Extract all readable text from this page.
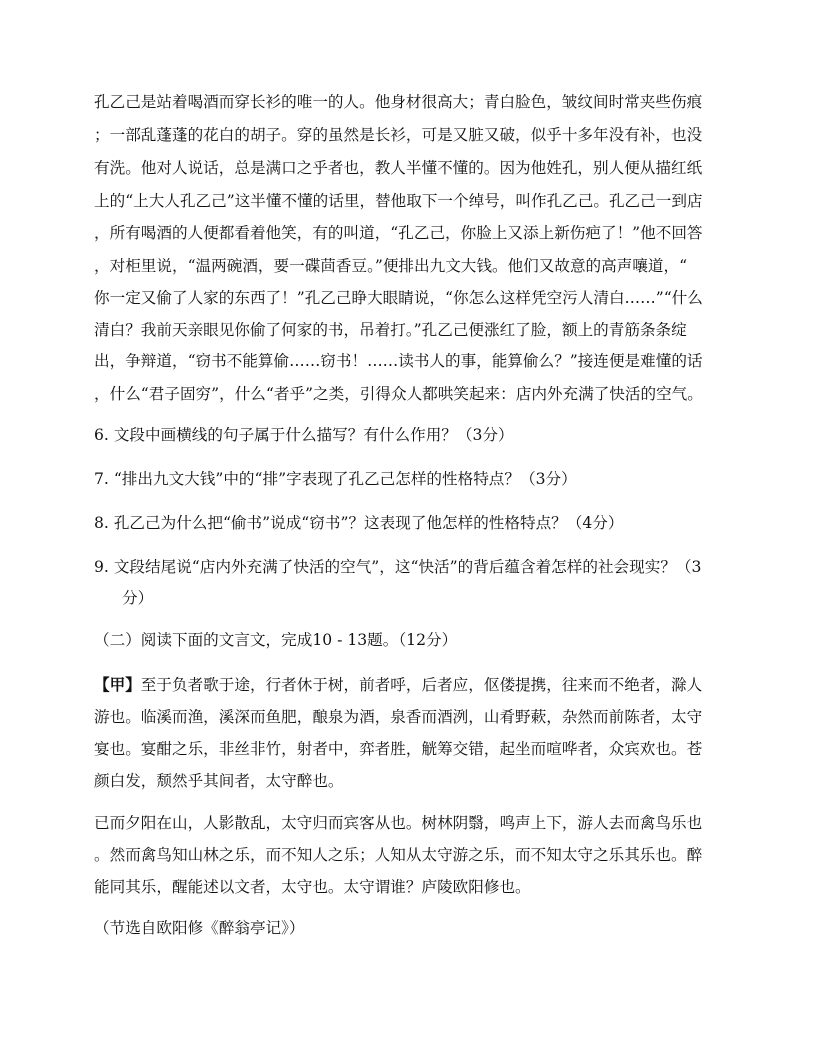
孔乙己是站着喝酒而穿长衫的唯一的人。他身材很高大；青白脸色，皱纹间时常夹些伤痕
；一部乱蓬蓬的花白的胡子。穿的虽然是长衫，可是又脏又破，似乎十多年没有补，也没
有洗。他对人说话，总是满口之乎者也，教人半懂不懂的。因为他姓孔，别人便从描红纸
上的“上大人孔乙己”这半懂不懂的话里，替他取下一个绰号，叫作孔乙己。孔乙己一到店
，所有喝酒的人便都看着他笑，有的叫道，“孔乙己，你脸上又添上新伤疤了！”他不回答
，对柜里说，“温两碗酒，要一碟茴香豆。”便排出九文大钱。他们又故意的高声嚷道，“
你一定又偷了人家的东西了！”孔乙己睁大眼睛说，“你怎么这样凭空污人清白……”“什么
清白？我前天亲眼见你偷了何家的书，吊着打。”孔乙己便涨红了脸，额上的青筋条条绽
出，争辩道，“窃书不能算偷……窃书！……读书人的事，能算偷么？”接连便是难懂的话
，什么“君子固穷”，什么“者乎”之类，引得众人都哄笑起来：店内外充满了快活的空气。
6. 文段中画横线的句子属于什么描写？有什么作用？（3分）
7. “排出九文大钱”中的“排”字表现了孔乙己怎样的性格特点？（3分）
8. 孔乙己为什么把“偷书”说成“窃书”？这表现了他怎样的性格特点？（4分）
9. 文段结尾说“店内外充满了快活的空气”，这“快活”的背后蕴含着怎样的社会现实？（3
分）
（二）阅读下面的文言文，完成10 - 13题。（12分）
【甲】至于负者歌于途，行者休于树，前者呼，后者应，伛偻提携，往来而不绝者，滁人
游也。临溪而渔，溪深而鱼肥，酿泉为酒，泉香而酒洌，山肴野蔌，杂然而前陈者，太守
宴也。宴酣之乐，非丝非竹，射者中，弈者胜，觥筹交错，起坐而喧哗者，众宾欢也。苍
颜白发，颓然乎其间者，太守醉也。
已而夕阳在山，人影散乱，太守归而宾客从也。树林阴翳，鸣声上下，游人去而禽鸟乐也
。然而禽鸟知山林之乐，而不知人之乐；人知从太守游之乐，而不知太守之乐其乐也。醉
能同其乐，醒能述以文者，太守也。太守谓谁？庐陵欧阳修也。
（节选自欧阳修《醉翁亭记》）
